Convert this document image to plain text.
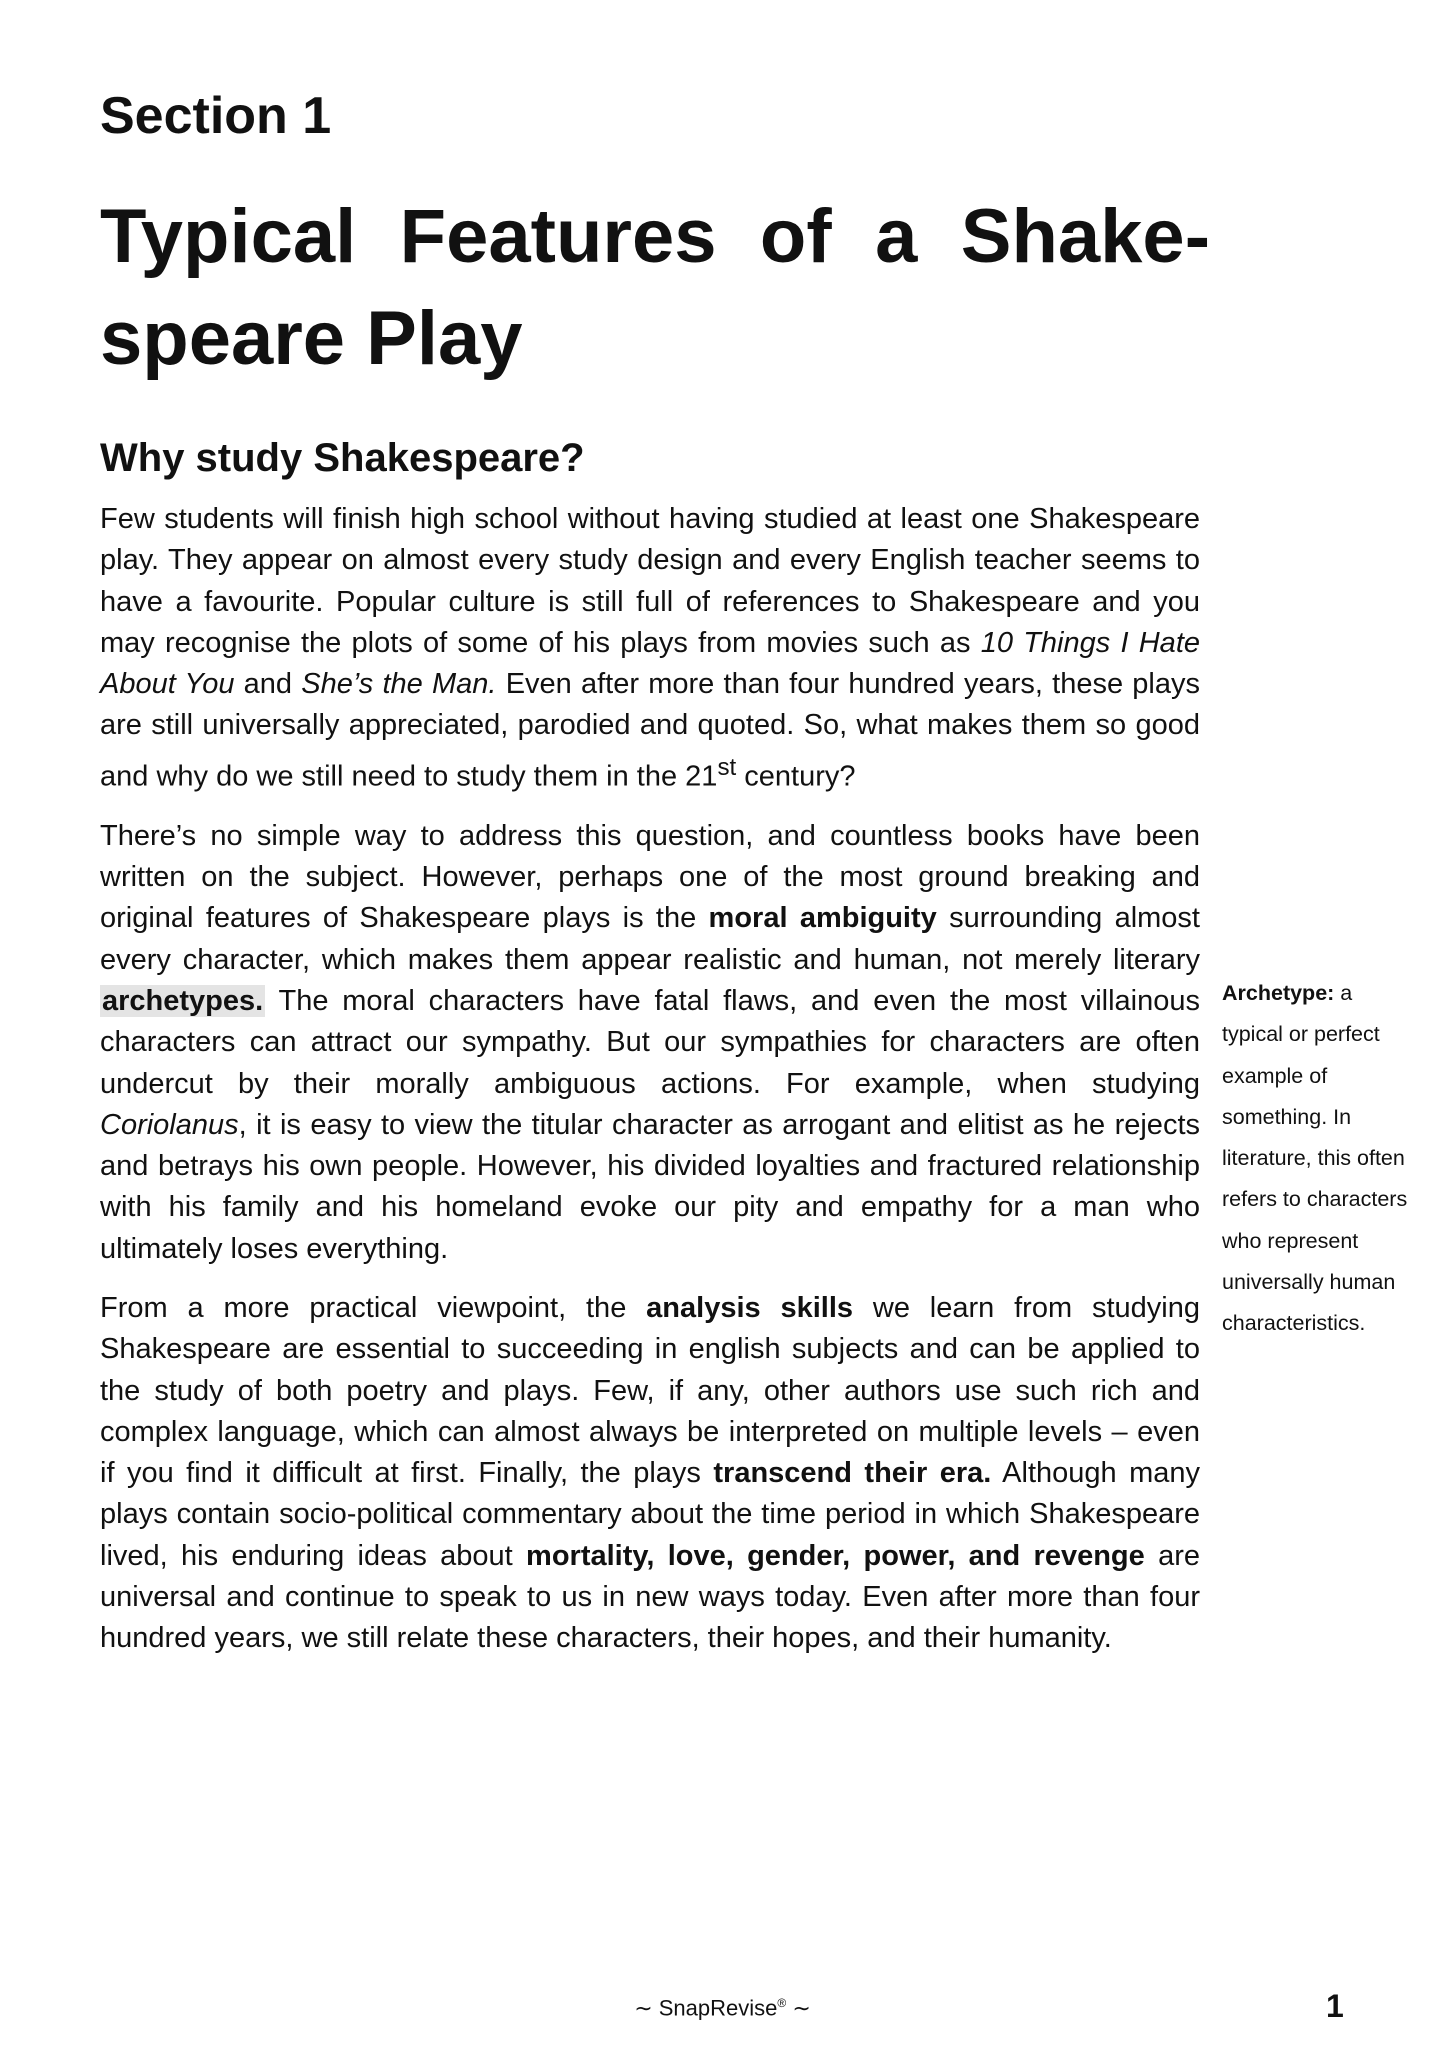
Section 1
Typical Features of a Shake-speare Play
Why study Shakespeare?

Few students will finish high school without having studied at least one Shakespeare play. They appear on almost every study design and every English teacher seems to have a favourite. Popular culture is still full of references to Shakespeare and you may recognise the plots of some of his plays from movies such as 10 Things I Hate About You and She’s the Man. Even after more than four hundred years, these plays are still universally appreciated, parodied and quoted. So, what makes them so good and why do we still need to study them in the 21st century?

There’s no simple way to address this question, and countless books have been written on the subject. However, perhaps one of the most ground breaking and original features of Shakespeare plays is the moral ambiguity surrounding almost every character, which makes them appear realistic and human, not merely literary archetypes. The moral characters have fatal flaws, and even the most villainous characters can attract our sympathy. But our sympathies for characters are often undercut by their morally ambiguous actions. For example, when studying Coriolanus, it is easy to view the titular character as arrogant and elitist as he rejects and betrays his own people. However, his divided loyalties and fractured relationship with his family and his homeland evoke our pity and empathy for a man who ultimately loses everything.

From a more practical viewpoint, the analysis skills we learn from studying Shakespeare are essential to succeeding in english subjects and can be applied to the study of both poetry and plays. Few, if any, other authors use such rich and complex language, which can almost always be interpreted on multiple levels – even if you find it difficult at first. Finally, the plays transcend their era. Although many plays contain socio-political commentary about the time period in which Shakespeare lived, his enduring ideas about mortality, love, gender, power, and revenge are universal and continue to speak to us in new ways today. Even after more than four hundred years, we still relate these characters, their hopes, and their humanity.

Archetype: a typical or perfect example of something. In literature, this often refers to characters who represent universally human characteristics.

∼ SnapRevise® ∼	1
